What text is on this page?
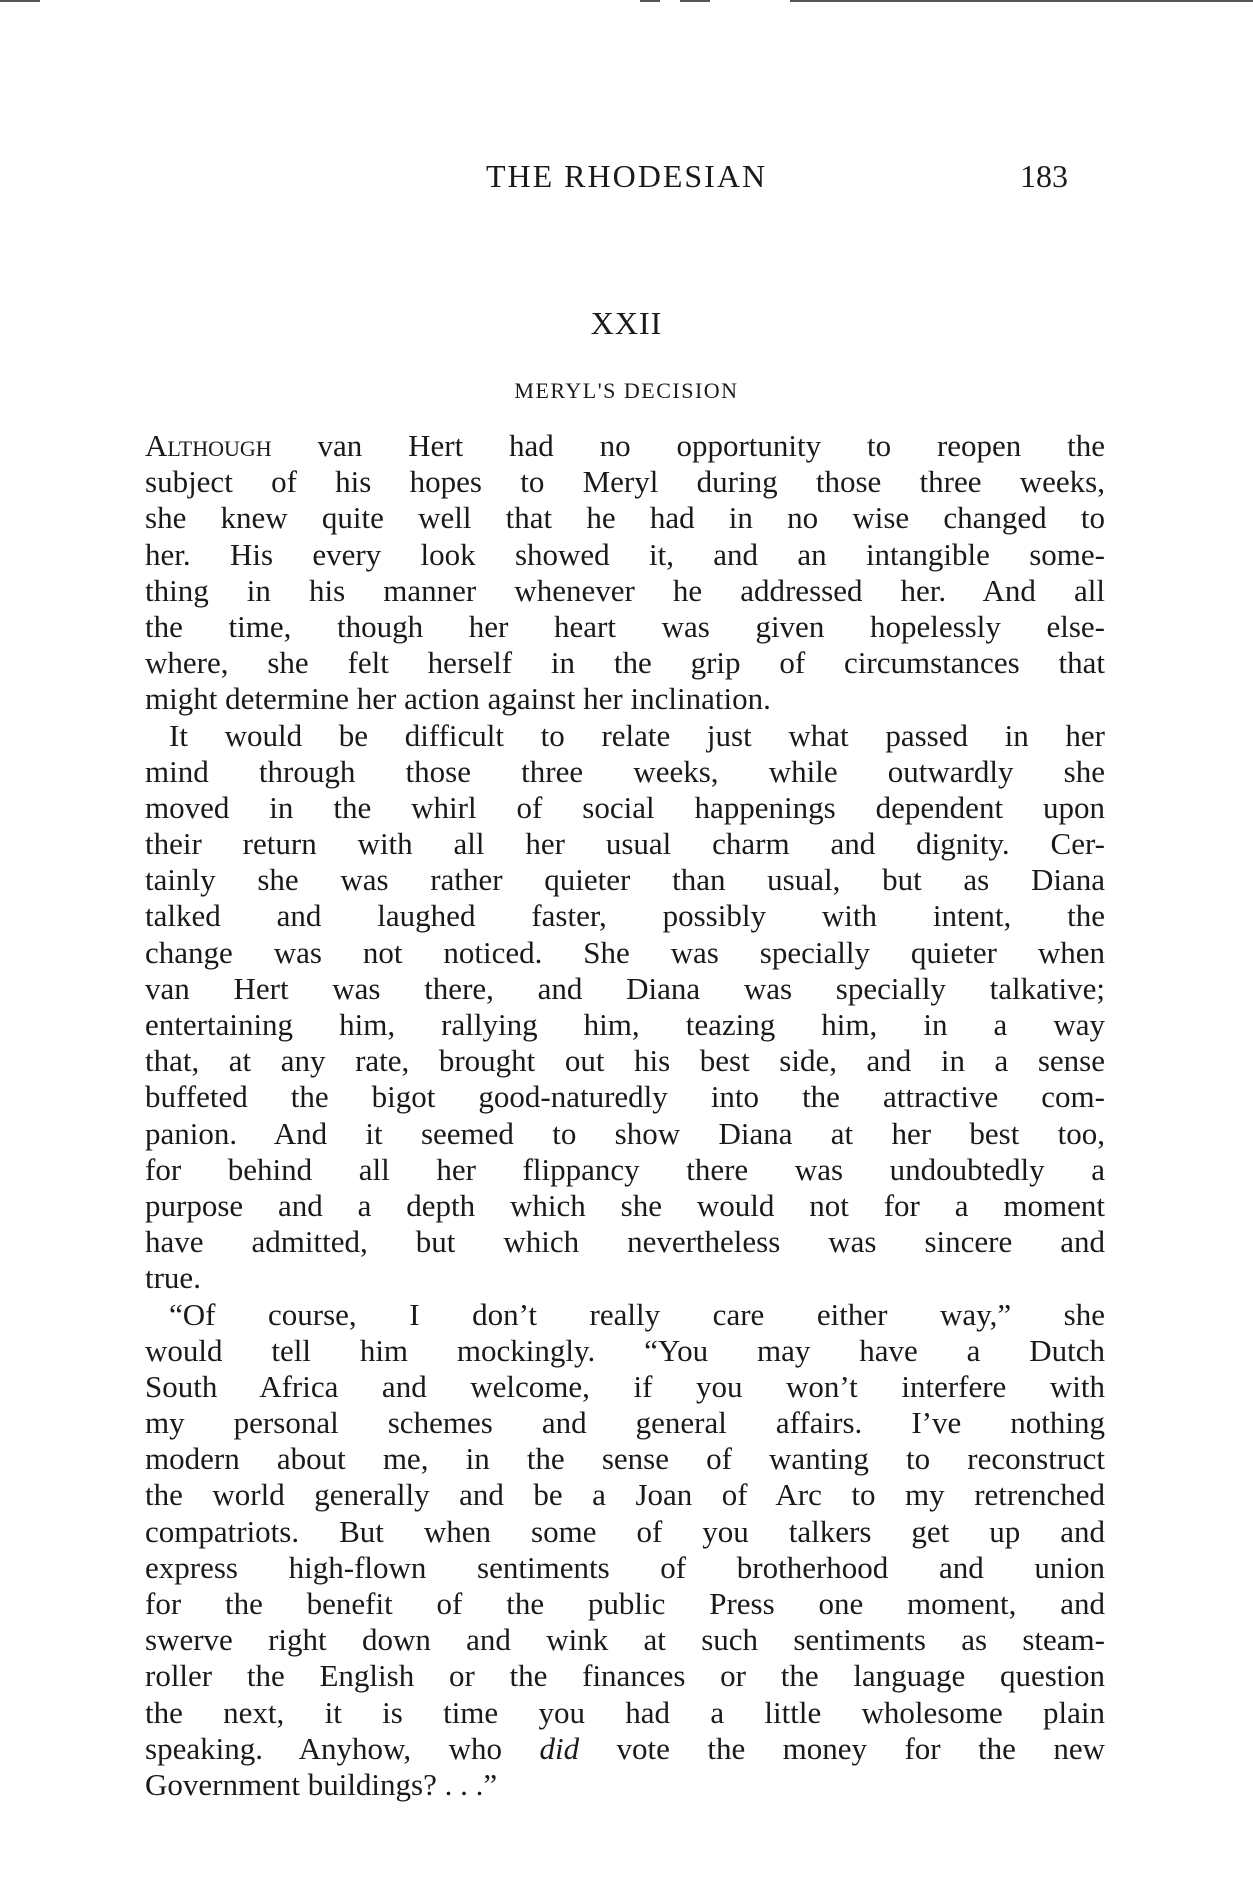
THE RHODESIAN	183
XXII
MERYL'S DECISION
Although van Hert had no opportunity to reopen the
subject of his hopes to Meryl during those three weeks,
she knew quite well that he had in no wise changed to
her. His every look showed it, and an intangible some-
thing in his manner whenever he addressed her. And all
the time, though her heart was given hopelessly else-
where, she felt herself in the grip of circumstances that
might determine her action against her inclination.
It would be difficult to relate just what passed in her
mind through those three weeks, while outwardly she
moved in the whirl of social happenings dependent upon
their return with all her usual charm and dignity. Cer-
tainly she was rather quieter than usual, but as Diana
talked and laughed faster, possibly with intent, the
change was not noticed. She was specially quieter when
van Hert was there, and Diana was specially talkative;
entertaining him, rallying him, teazing him, in a way
that, at any rate, brought out his best side, and in a sense
buffeted the bigot good-naturedly into the attractive com-
panion. And it seemed to show Diana at her best too,
for behind all her flippancy there was undoubtedly a
purpose and a depth which she would not for a moment
have admitted, but which nevertheless was sincere and
true.
“Of course, I don’t really care either way,” she
would tell him mockingly. “You may have a Dutch
South Africa and welcome, if you won’t interfere with
my personal schemes and general affairs. I’ve nothing
modern about me, in the sense of wanting to reconstruct
the world generally and be a Joan of Arc to my retrenched
compatriots. But when some of you talkers get up and
express high-flown sentiments of brotherhood and union
for the benefit of the public Press one moment, and
swerve right down and wink at such sentiments as steam-
roller the English or the finances or the language question
the next, it is time you had a little wholesome plain
speaking. Anyhow, who did vote the money for the new
Government buildings? . . .”
